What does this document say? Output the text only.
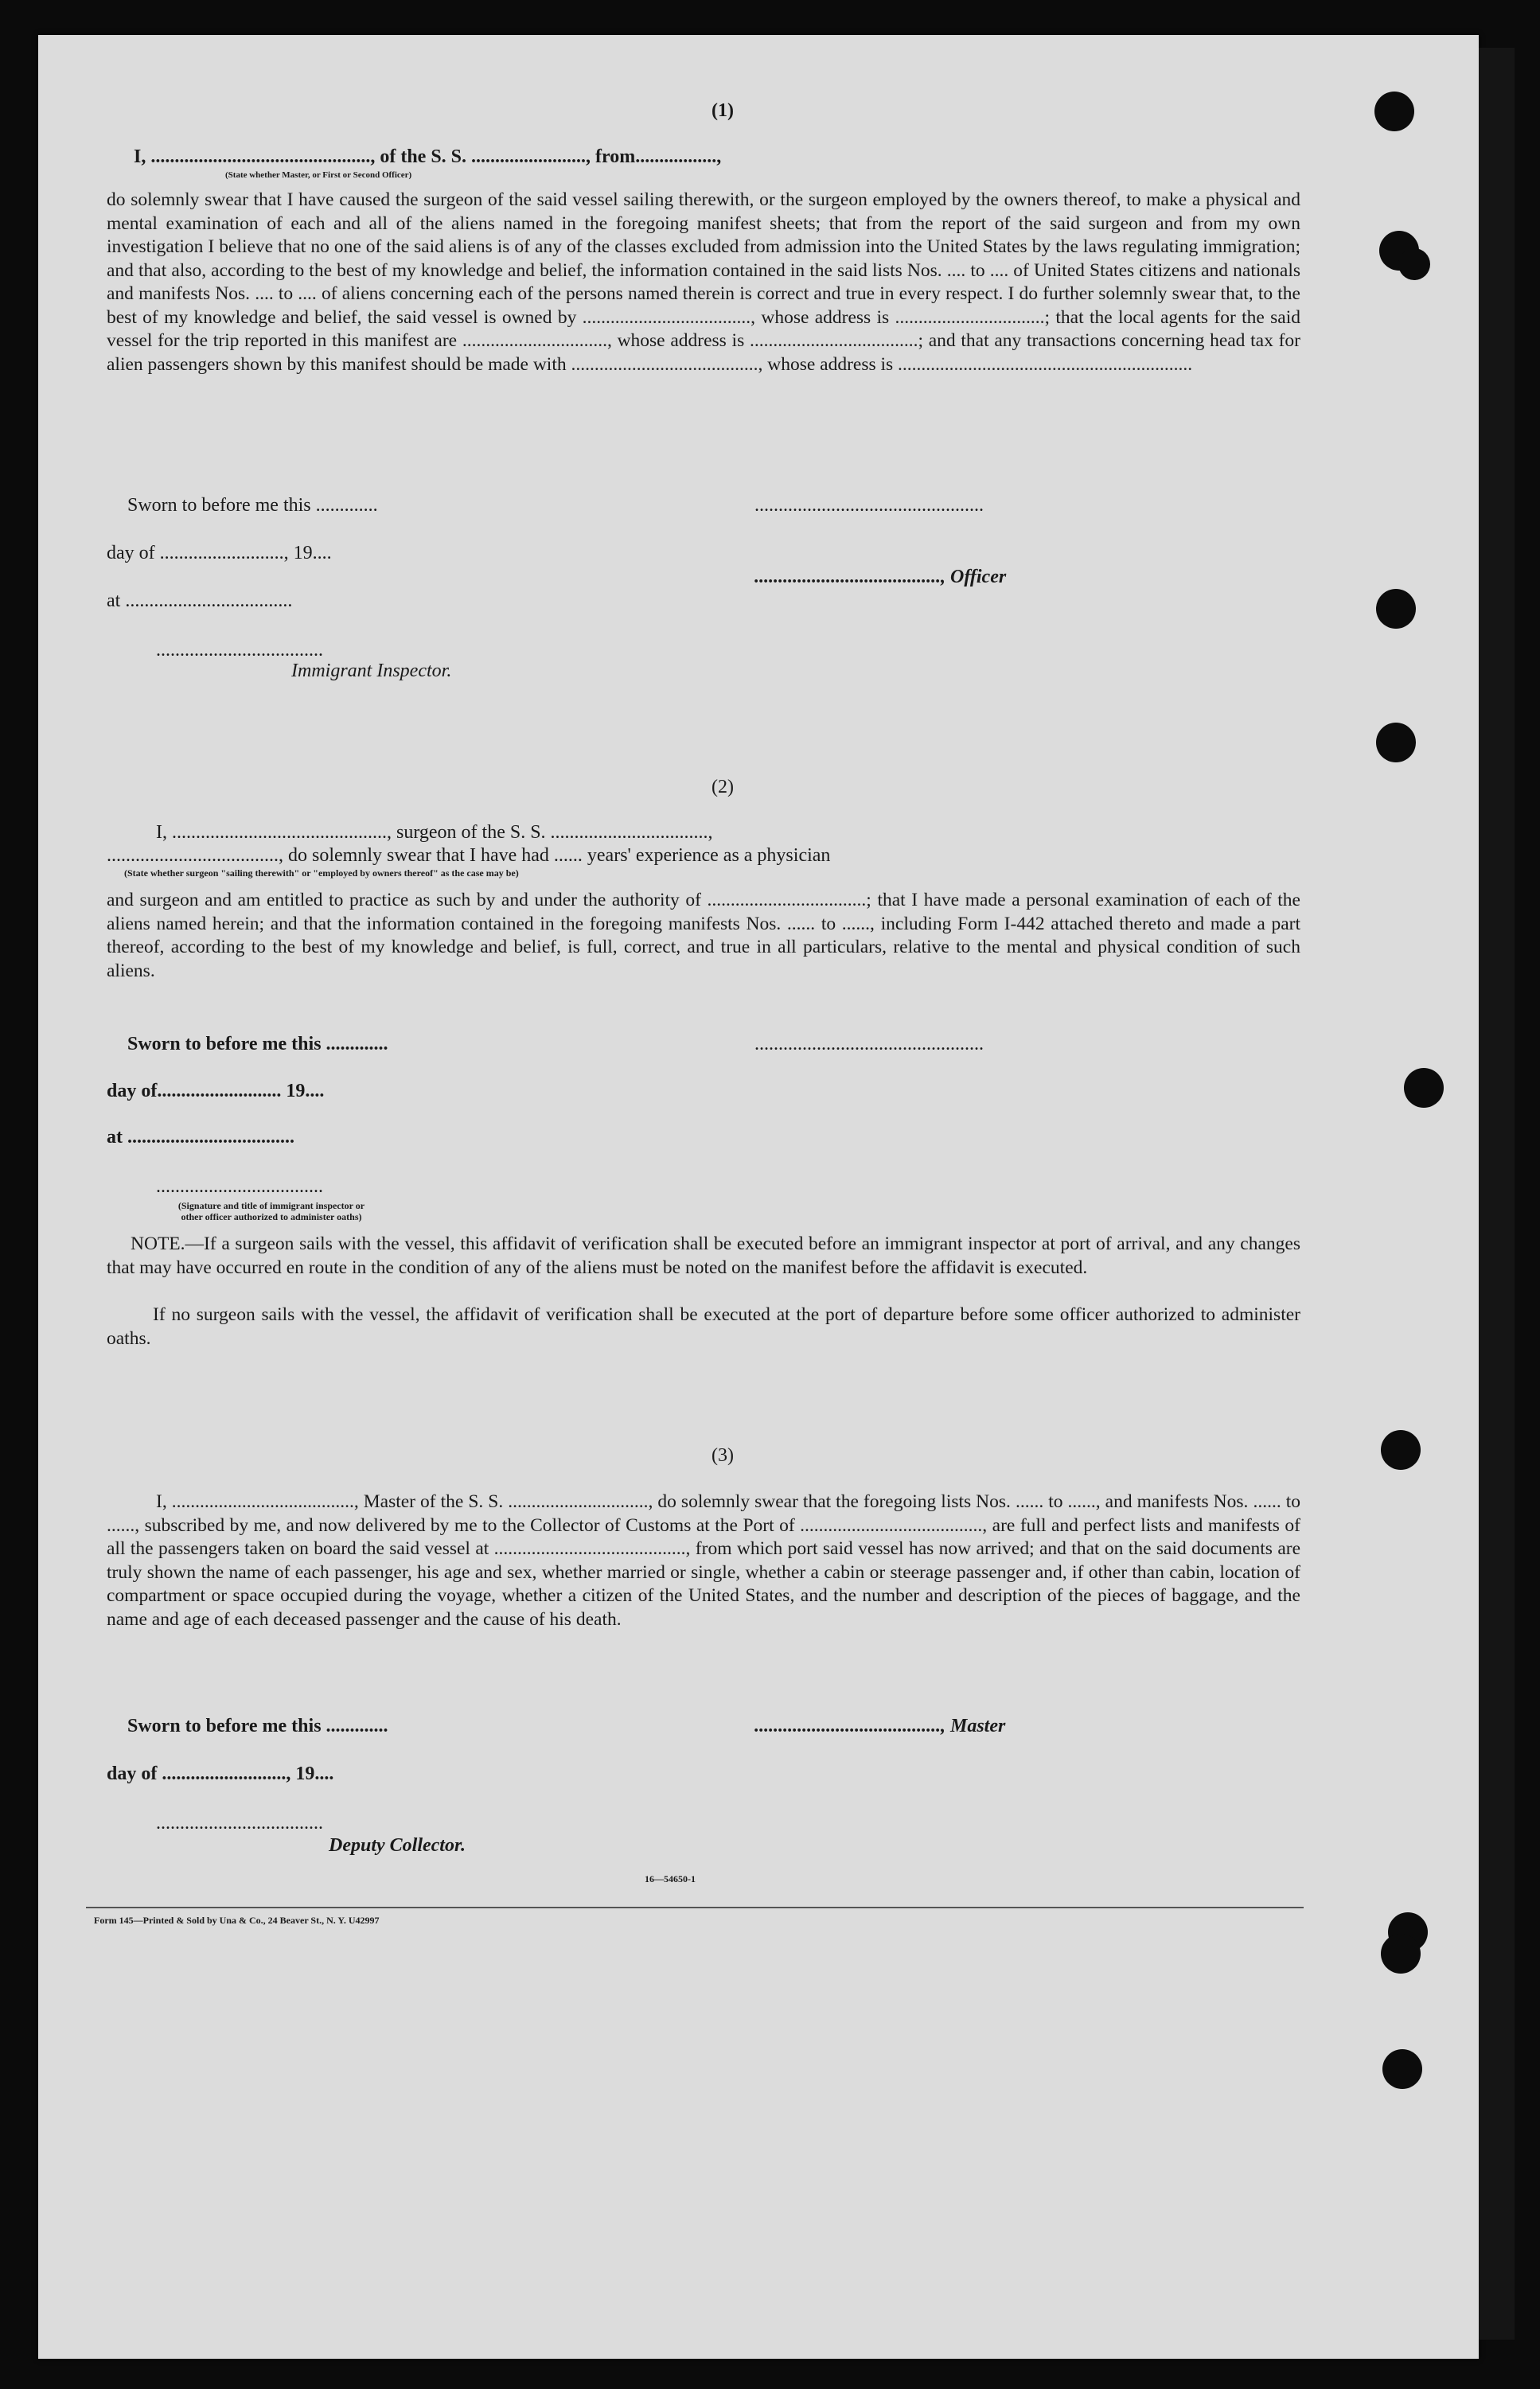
(1)
I, .............................................., of the S. S. ........................, from.................,
(State whether Master, or First or Second Officer)
do solemnly swear that I have caused the surgeon of the said vessel sailing therewith, or the surgeon employed by the owners thereof, to make a physical and mental examination of each and all of the aliens named in the foregoing manifest sheets; that from the report of the said surgeon and from my own investigation I believe that no one of the said aliens is of any of the classes excluded from admission into the United States by the laws regulating immigration; and that also, according to the best of my knowledge and belief, the information contained in the said lists Nos. .... to .... of United States citizens and nationals and manifests Nos. .... to .... of aliens concerning each of the persons named therein is correct and true in every respect. I do further solemnly swear that, to the best of my knowledge and belief, the said vessel is owned by ...................................., whose address is ................................; that the local agents for the said vessel for the trip reported in this manifest are ..............................., whose address is ....................................; and that any transactions concerning head tax for alien passengers shown by this manifest should be made with ........................................, whose address is ...............................................................
Sworn to before me this .............	................................................
day of .........................., 19....
......................................., Officer
at ...................................
...................................
Immigrant Inspector.
(2)
I, ............................................., surgeon of the S. S. .................................,
...................................., do solemnly swear that I have had ...... years' experience as a physician
(State whether surgeon "sailing therewith" or "employed by owners thereof" as the case may be)
and surgeon and am entitled to practice as such by and under the authority of ..................................; that I have made a personal examination of each of the aliens named herein; and that the information contained in the foregoing manifests Nos. ...... to ......, including Form I-442 attached thereto and made a part thereof, according to the best of my knowledge and belief, is full, correct, and true in all particulars, relative to the mental and physical condition of such aliens.
Sworn to before me this .............	................................................
day of.......................... 19....
at ...................................
...................................
(Signature and title of immigrant inspector or other officer authorized to administer oaths)
NOTE.—If a surgeon sails with the vessel, this affidavit of verification shall be executed before an immigrant inspector at port of arrival, and any changes that may have occurred en route in the condition of any of the aliens must be noted on the manifest before the affidavit is executed.
If no surgeon sails with the vessel, the affidavit of verification shall be executed at the port of departure before some officer authorized to administer oaths.
(3)
I, ......................................., Master of the S. S. .............................., do solemnly swear that the foregoing lists Nos. ...... to ......, and manifests Nos. ...... to ......, subscribed by me, and now delivered by me to the Collector of Customs at the Port of ......................................., are full and perfect lists and manifests of all the passengers taken on board the said vessel at ........................................., from which port said vessel has now arrived; and that on the said documents are truly shown the name of each passenger, his age and sex, whether married or single, whether a cabin or steerage passenger and, if other than cabin, location of compartment or space occupied during the voyage, whether a citizen of the United States, and the number and description of the pieces of baggage, and the name and age of each deceased passenger and the cause of his death.
Sworn to before me this .............	......................................., Master
day of .........................., 19....
...................................
Deputy Collector.
16—54650-1
Form 145—Printed & Sold by Una & Co., 24 Beaver St., N. Y. U42997
